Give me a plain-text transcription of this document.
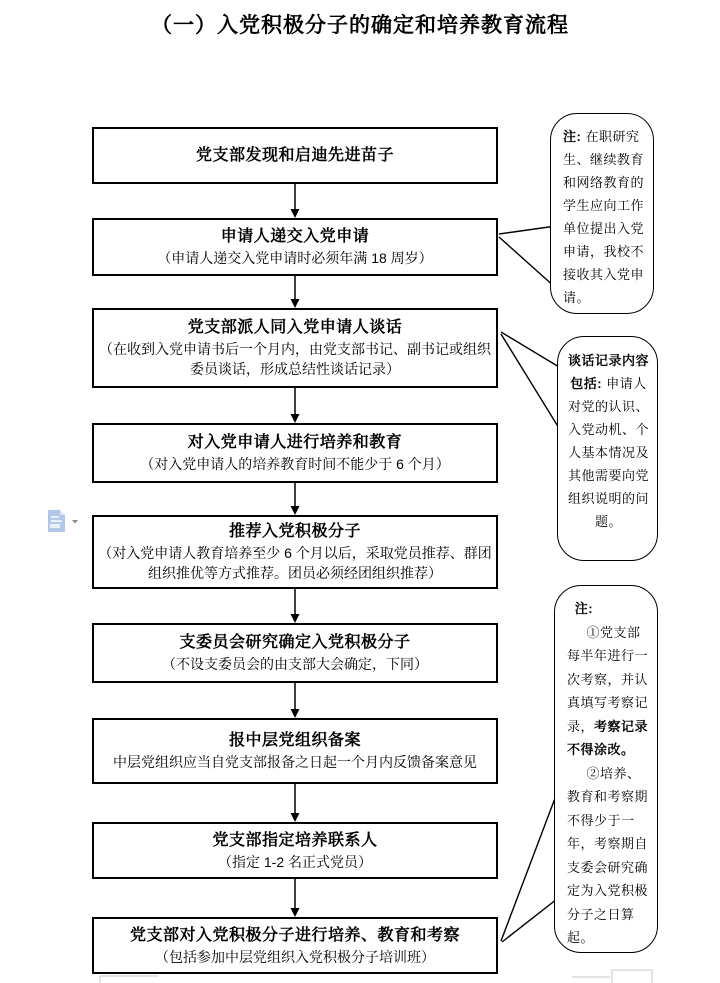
（一）入党积极分子的确定和培养教育流程
党支部发现和启迪先进苗子
申请人递交入党申请
（申请人递交入党申请时必须年满 18 周岁）
党支部派人同入党申请人谈话
（在收到入党申请书后一个月内，由党支部书记、副书记或组织委员谈话，形成总结性谈话记录）
对入党申请人进行培养和教育
（对入党申请人的培养教育时间不能少于 6 个月）
推荐入党积极分子
（对入党申请人教育培养至少 6 个月以后，采取党员推荐、群团组织推优等方式推荐。团员必须经团组织推荐）
支委员会研究确定入党积极分子
（不设支委员会的由支部大会确定，下同）
报中层党组织备案
中层党组织应当自党支部报备之日起一个月内反馈备案意见
党支部指定培养联系人
（指定 1-2 名正式党员）
党支部对入党积极分子进行培养、教育和考察
（包括参加中层党组织入党积极分子培训班）

注: 在职研究生、继续教育和网络教育的学生应向工作单位提出入党申请，我校不接收其入党申请。

谈话记录内容包括: 申请人对党的认识、入党动机、个人基本情况及其他需要向党组织说明的问题。

注:

①党支部每半年进行一次考察，并认真填写考察记录，考察记录不得涂改。

②培养、教育和考察期不得少于一年，考察期自支委会研究确定为入党积极分子之日算起。
